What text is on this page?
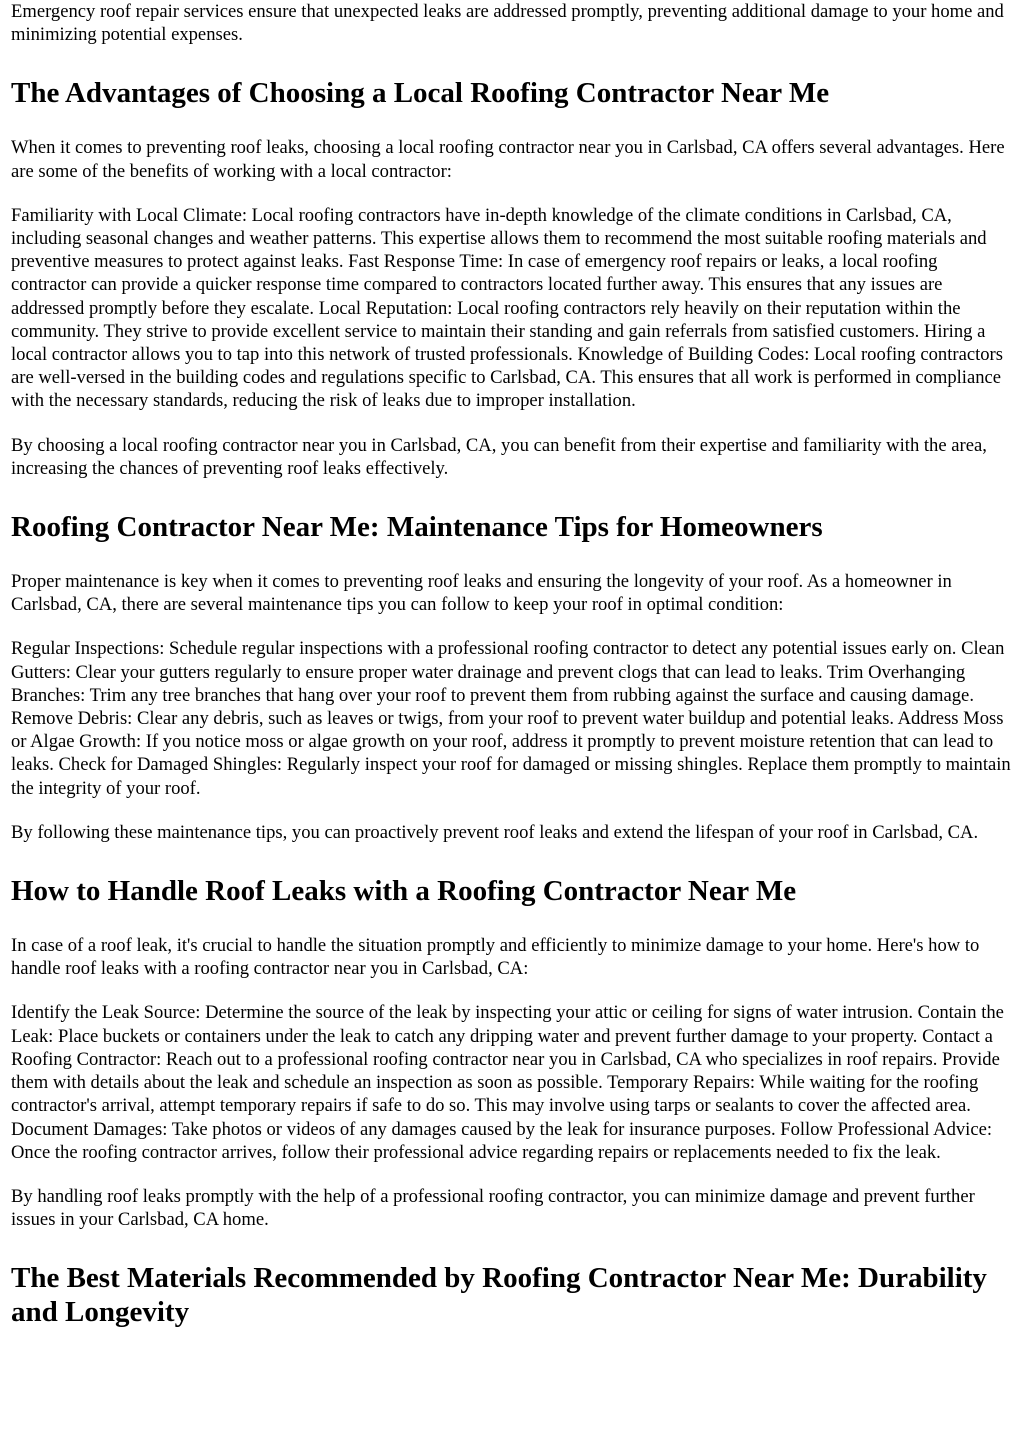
Emergency roof repair services ensure that unexpected leaks are addressed promptly, preventing additional damage to your home and minimizing potential expenses.

The Advantages of Choosing a Local Roofing Contractor Near Me

When it comes to preventing roof leaks, choosing a local roofing contractor near you in Carlsbad, CA offers several advantages. Here are some of the benefits of working with a local contractor:

Familiarity with Local Climate: Local roofing contractors have in-depth knowledge of the climate conditions in Carlsbad, CA, including seasonal changes and weather patterns. This expertise allows them to recommend the most suitable roofing materials and preventive measures to protect against leaks. Fast Response Time: In case of emergency roof repairs or leaks, a local roofing contractor can provide a quicker response time compared to contractors located further away. This ensures that any issues are addressed promptly before they escalate. Local Reputation: Local roofing contractors rely heavily on their reputation within the community. They strive to provide excellent service to maintain their standing and gain referrals from satisfied customers. Hiring a local contractor allows you to tap into this network of trusted professionals. Knowledge of Building Codes: Local roofing contractors are well-versed in the building codes and regulations specific to Carlsbad, CA. This ensures that all work is performed in compliance with the necessary standards, reducing the risk of leaks due to improper installation.

By choosing a local roofing contractor near you in Carlsbad, CA, you can benefit from their expertise and familiarity with the area, increasing the chances of preventing roof leaks effectively.

Roofing Contractor Near Me: Maintenance Tips for Homeowners

Proper maintenance is key when it comes to preventing roof leaks and ensuring the longevity of your roof. As a homeowner in Carlsbad, CA, there are several maintenance tips you can follow to keep your roof in optimal condition:

Regular Inspections: Schedule regular inspections with a professional roofing contractor to detect any potential issues early on. Clean Gutters: Clear your gutters regularly to ensure proper water drainage and prevent clogs that can lead to leaks. Trim Overhanging Branches: Trim any tree branches that hang over your roof to prevent them from rubbing against the surface and causing damage. Remove Debris: Clear any debris, such as leaves or twigs, from your roof to prevent water buildup and potential leaks. Address Moss or Algae Growth: If you notice moss or algae growth on your roof, address it promptly to prevent moisture retention that can lead to leaks. Check for Damaged Shingles: Regularly inspect your roof for damaged or missing shingles. Replace them promptly to maintain the integrity of your roof.

By following these maintenance tips, you can proactively prevent roof leaks and extend the lifespan of your roof in Carlsbad, CA.

How to Handle Roof Leaks with a Roofing Contractor Near Me

In case of a roof leak, it's crucial to handle the situation promptly and efficiently to minimize damage to your home. Here's how to handle roof leaks with a roofing contractor near you in Carlsbad, CA:

Identify the Leak Source: Determine the source of the leak by inspecting your attic or ceiling for signs of water intrusion. Contain the Leak: Place buckets or containers under the leak to catch any dripping water and prevent further damage to your property. Contact a Roofing Contractor: Reach out to a professional roofing contractor near you in Carlsbad, CA who specializes in roof repairs. Provide them with details about the leak and schedule an inspection as soon as possible. Temporary Repairs: While waiting for the roofing contractor's arrival, attempt temporary repairs if safe to do so. This may involve using tarps or sealants to cover the affected area. Document Damages: Take photos or videos of any damages caused by the leak for insurance purposes. Follow Professional Advice: Once the roofing contractor arrives, follow their professional advice regarding repairs or replacements needed to fix the leak.

By handling roof leaks promptly with the help of a professional roofing contractor, you can minimize damage and prevent further issues in your Carlsbad, CA home.

The Best Materials Recommended by Roofing Contractor Near Me: Durability and Longevity
